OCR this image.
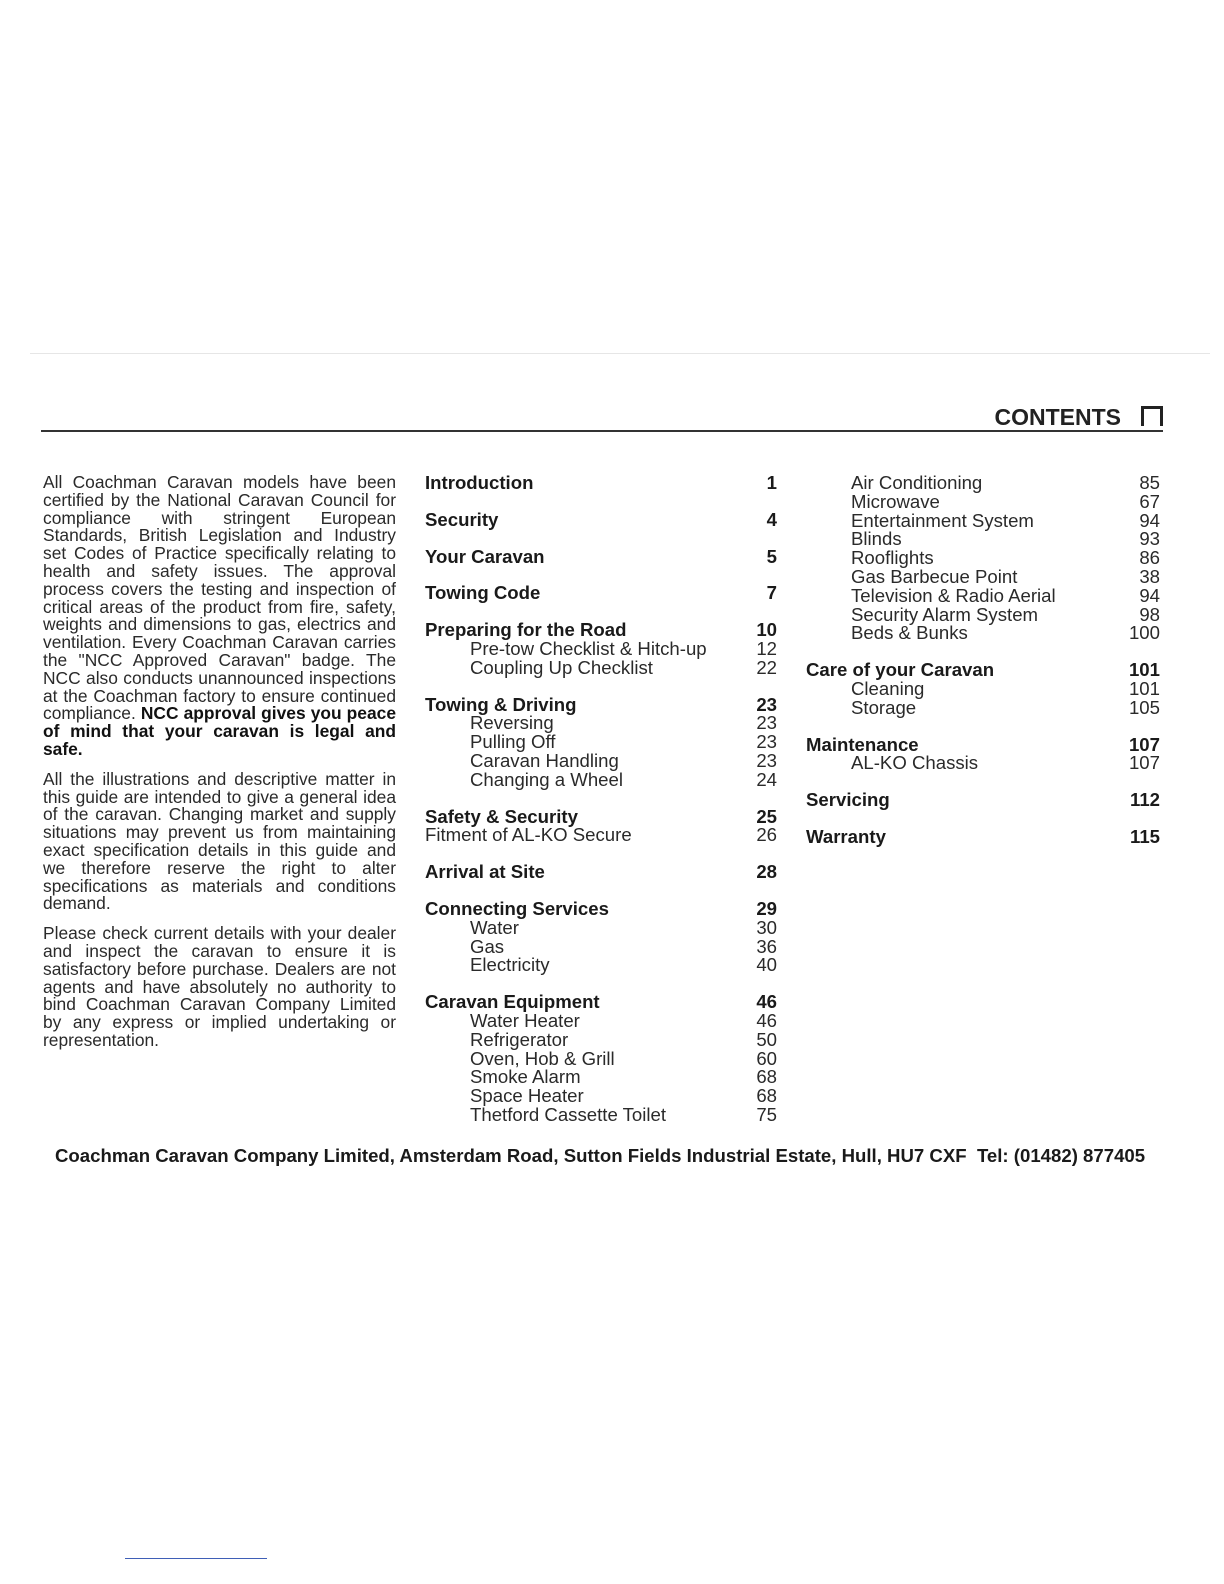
CONTENTS

All Coachman Caravan models have been certified by the National Caravan Council for compliance with stringent European Standards, British Legislation and Industry set Codes of Practice specifically relating to health and safety issues. The approval process covers the testing and inspection of critical areas of the product from fire, safety, weights and dimensions to gas, electrics and ventilation. Every Coachman Caravan carries the "NCC Approved Caravan" badge. The NCC also conducts unannounced inspections at the Coachman factory to ensure continued compliance. NCC approval gives you peace of mind that your caravan is legal and safe.

All the illustrations and descriptive matter in this guide are intended to give a general idea of the caravan. Changing market and supply situations may prevent us from maintaining exact specification details in this guide and we therefore reserve the right to alter specifications as materials and conditions demand.

Please check current details with your dealer and inspect the caravan to ensure it is satisfactory before purchase. Dealers are not agents and have absolutely no authority to bind Coachman Caravan Company Limited by any express or implied undertaking or representation.

Introduction	1
Security	4
Your Caravan	5
Towing Code	7
Preparing for the Road	10
Pre-tow Checklist & Hitch-up	12
Coupling Up Checklist	22
Towing & Driving	23
Reversing	23
Pulling Off	23
Caravan Handling	23
Changing a Wheel	24
Safety & Security	25
Fitment of AL-KO Secure	26
Arrival at Site	28
Connecting Services	29
Water	30
Gas	36
Electricity	40
Caravan Equipment	46
Water Heater	46
Refrigerator	50
Oven, Hob & Grill	60
Smoke Alarm	68
Space Heater	68
Thetford Cassette Toilet	75
Air Conditioning	85
Microwave	67
Entertainment System	94
Blinds	93
Rooflights	86
Gas Barbecue Point	38
Television & Radio Aerial	94
Security Alarm System	98
Beds & Bunks	100
Care of your Caravan	101
Cleaning	101
Storage	105
Maintenance	107
AL-KO Chassis	107
Servicing	112
Warranty	115
Coachman Caravan Company Limited, Amsterdam Road, Sutton Fields Industrial Estate, Hull, HU7 CXF Tel: (01482) 877405
